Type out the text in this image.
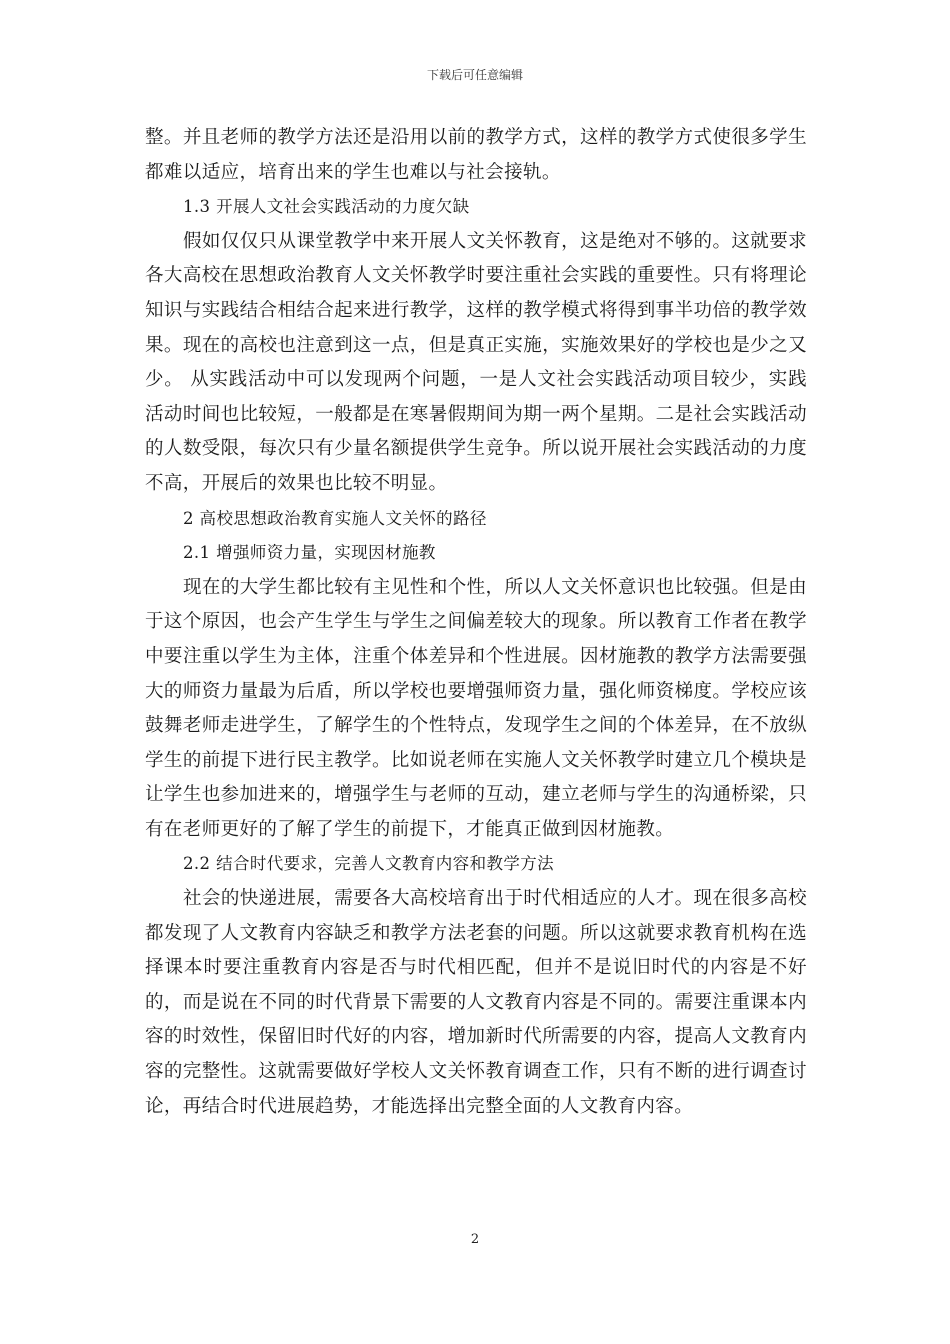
下载后可任意编辑

整。并且老师的教学方法还是沿用以前的教学方式，这样的教学方式使很多学生都难以适应，培育出来的学生也难以与社会接轨。

1.3 开展人文社会实践活动的力度欠缺

假如仅仅只从课堂教学中来开展人文关怀教育，这是绝对不够的。这就要求各大高校在思想政治教育人文关怀教学时要注重社会实践的重要性。只有将理论知识与实践结合相结合起来进行教学，这样的教学模式将得到事半功倍的教学效果。现在的高校也注意到这一点，但是真正实施，实施效果好的学校也是少之又少。 从实践活动中可以发现两个问题，一是人文社会实践活动项目较少，实践活动时间也比较短，一般都是在寒暑假期间为期一两个星期。二是社会实践活动的人数受限，每次只有少量名额提供学生竞争。所以说开展社会实践活动的力度不高，开展后的效果也比较不明显。

2 高校思想政治教育实施人文关怀的路径

2.1 增强师资力量，实现因材施教

现在的大学生都比较有主见性和个性，所以人文关怀意识也比较强。但是由于这个原因，也会产生学生与学生之间偏差较大的现象。所以教育工作者在教学中要注重以学生为主体，注重个体差异和个性进展。因材施教的教学方法需要强大的师资力量最为后盾，所以学校也要增强师资力量，强化师资梯度。学校应该鼓舞老师走进学生，了解学生的个性特点，发现学生之间的个体差异，在不放纵学生的前提下进行民主教学。比如说老师在实施人文关怀教学时建立几个模块是让学生也参加进来的，增强学生与老师的互动，建立老师与学生的沟通桥梁，只有在老师更好的了解了学生的前提下，才能真正做到因材施教。

2.2 结合时代要求，完善人文教育内容和教学方法

社会的快递进展，需要各大高校培育出于时代相适应的人才。现在很多高校都发现了人文教育内容缺乏和教学方法老套的问题。所以这就要求教育机构在选择课本时要注重教育内容是否与时代相匹配，但并不是说旧时代的内容是不好的，而是说在不同的时代背景下需要的人文教育内容是不同的。需要注重课本内容的时效性，保留旧时代好的内容，增加新时代所需要的内容，提高人文教育内容的完整性。这就需要做好学校人文关怀教育调查工作，只有不断的进行调查讨论，再结合时代进展趋势，才能选择出完整全面的人文教育内容。

2
